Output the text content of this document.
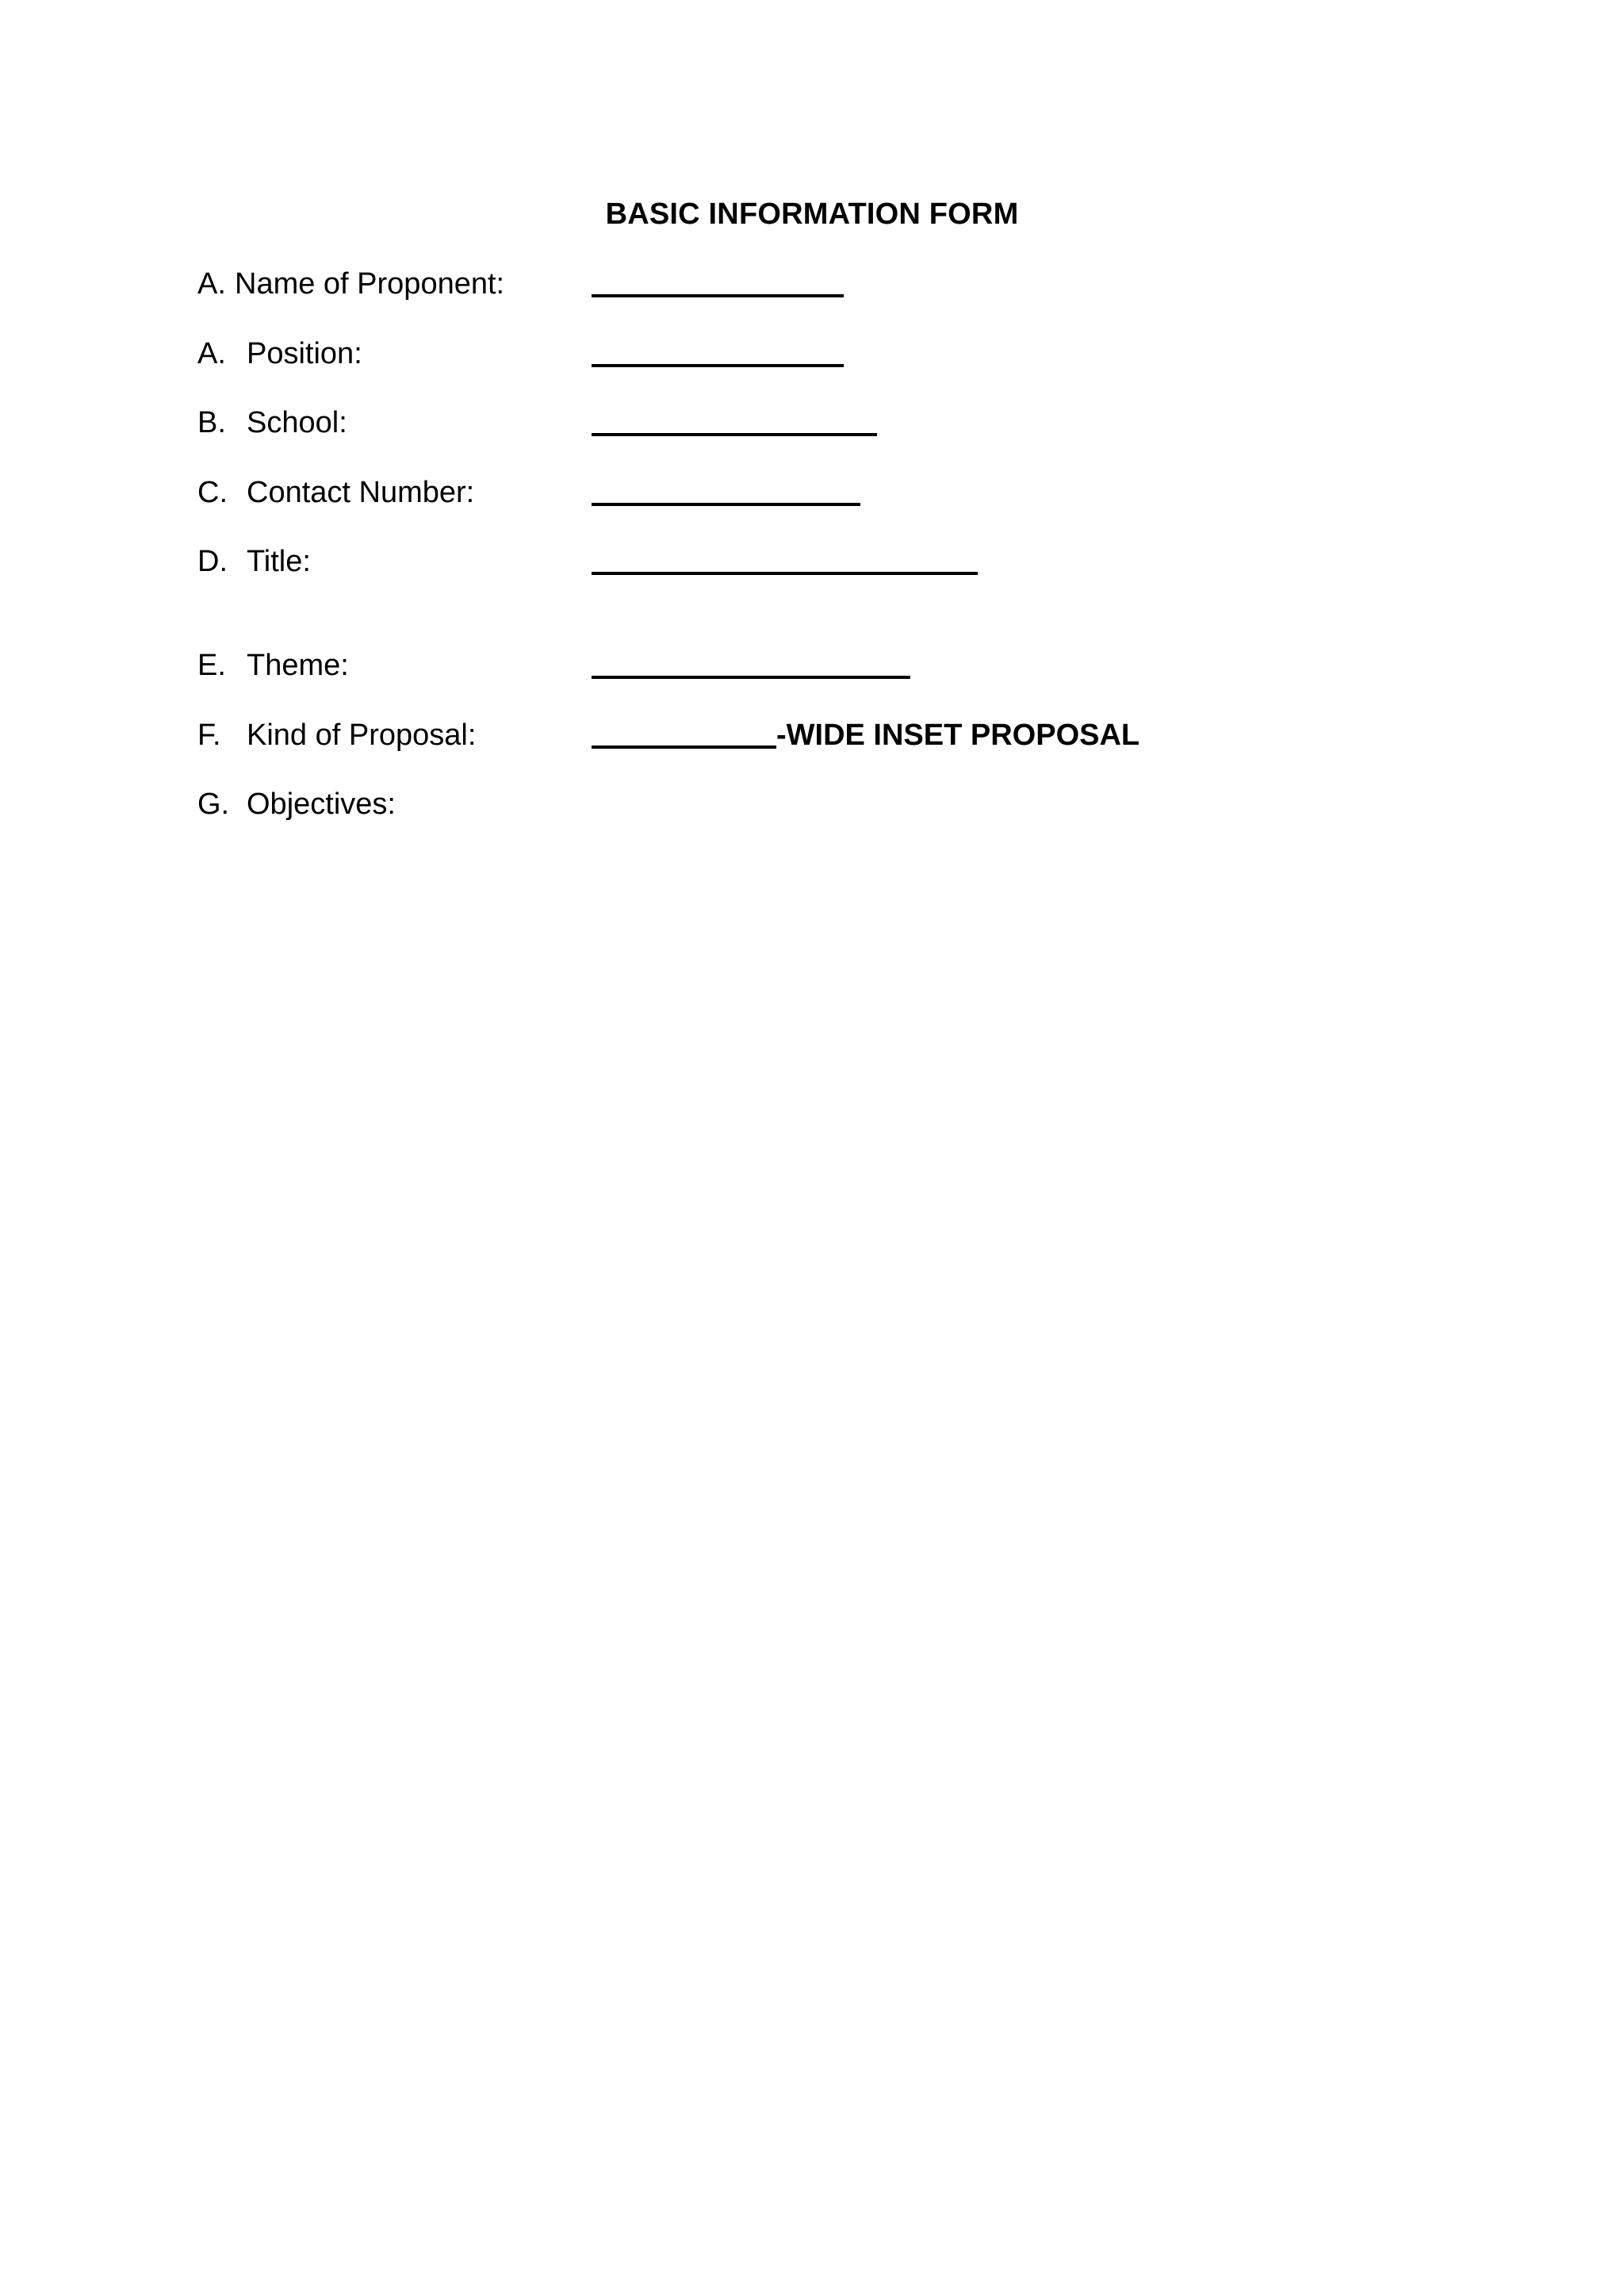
BASIC INFORMATION FORM
A. Name of Proponent:
A. Position:
B. School:
C. Contact Number:
D. Title:
E. Theme:
F. Kind of Proposal:	-WIDE INSET PROPOSAL
G. Objectives:
